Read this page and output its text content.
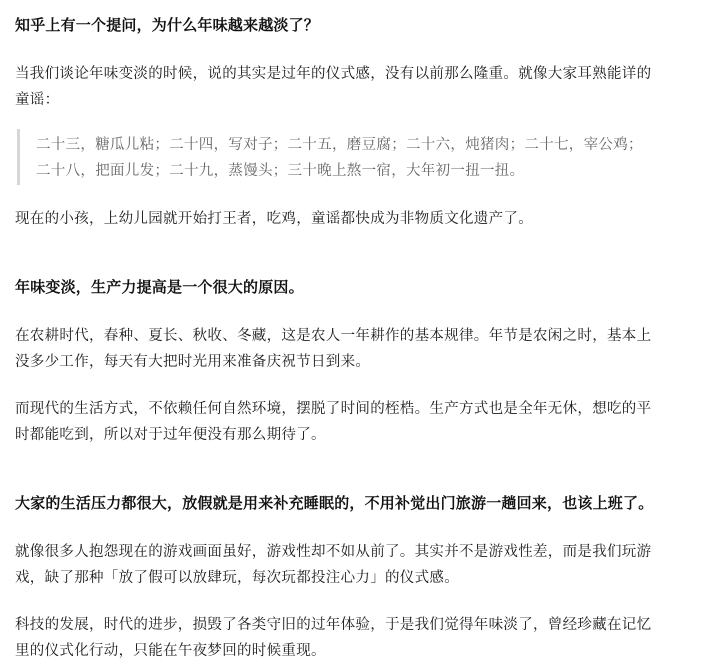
知乎上有一个提问，为什么年味越来越淡了？
当我们谈论年味变淡的时候，说的其实是过年的仪式感，没有以前那么隆重。就像大家耳熟能详的
童谣：
二十三，糖瓜儿粘；二十四，写对子；二十五，磨豆腐；二十六，炖猪肉；二十七，宰公鸡；
二十八，把面儿发；二十九，蒸馒头；三十晚上熬一宿，大年初一扭一扭。
现在的小孩，上幼儿园就开始打王者，吃鸡，童谣都快成为非物质文化遗产了。
年味变淡，生产力提高是一个很大的原因。
在农耕时代，春种、夏长、秋收、冬藏，这是农人一年耕作的基本规律。年节是农闲之时，基本上
没多少工作，每天有大把时光用来准备庆祝节日到来。
而现代的生活方式，不依赖任何自然环境，摆脱了时间的桎梏。生产方式也是全年无休，想吃的平
时都能吃到，所以对于过年便没有那么期待了。
大家的生活压力都很大，放假就是用来补充睡眠的，不用补觉出门旅游一趟回来，也该上班了。
就像很多人抱怨现在的游戏画面虽好，游戏性却不如从前了。其实并不是游戏性差，而是我们玩游
戏，缺了那种「放了假可以放肆玩，每次玩都投注心力」的仪式感。
科技的发展，时代的进步，损毁了各类守旧的过年体验，于是我们觉得年味淡了，曾经珍藏在记忆
里的仪式化行动，只能在午夜梦回的时候重现。
